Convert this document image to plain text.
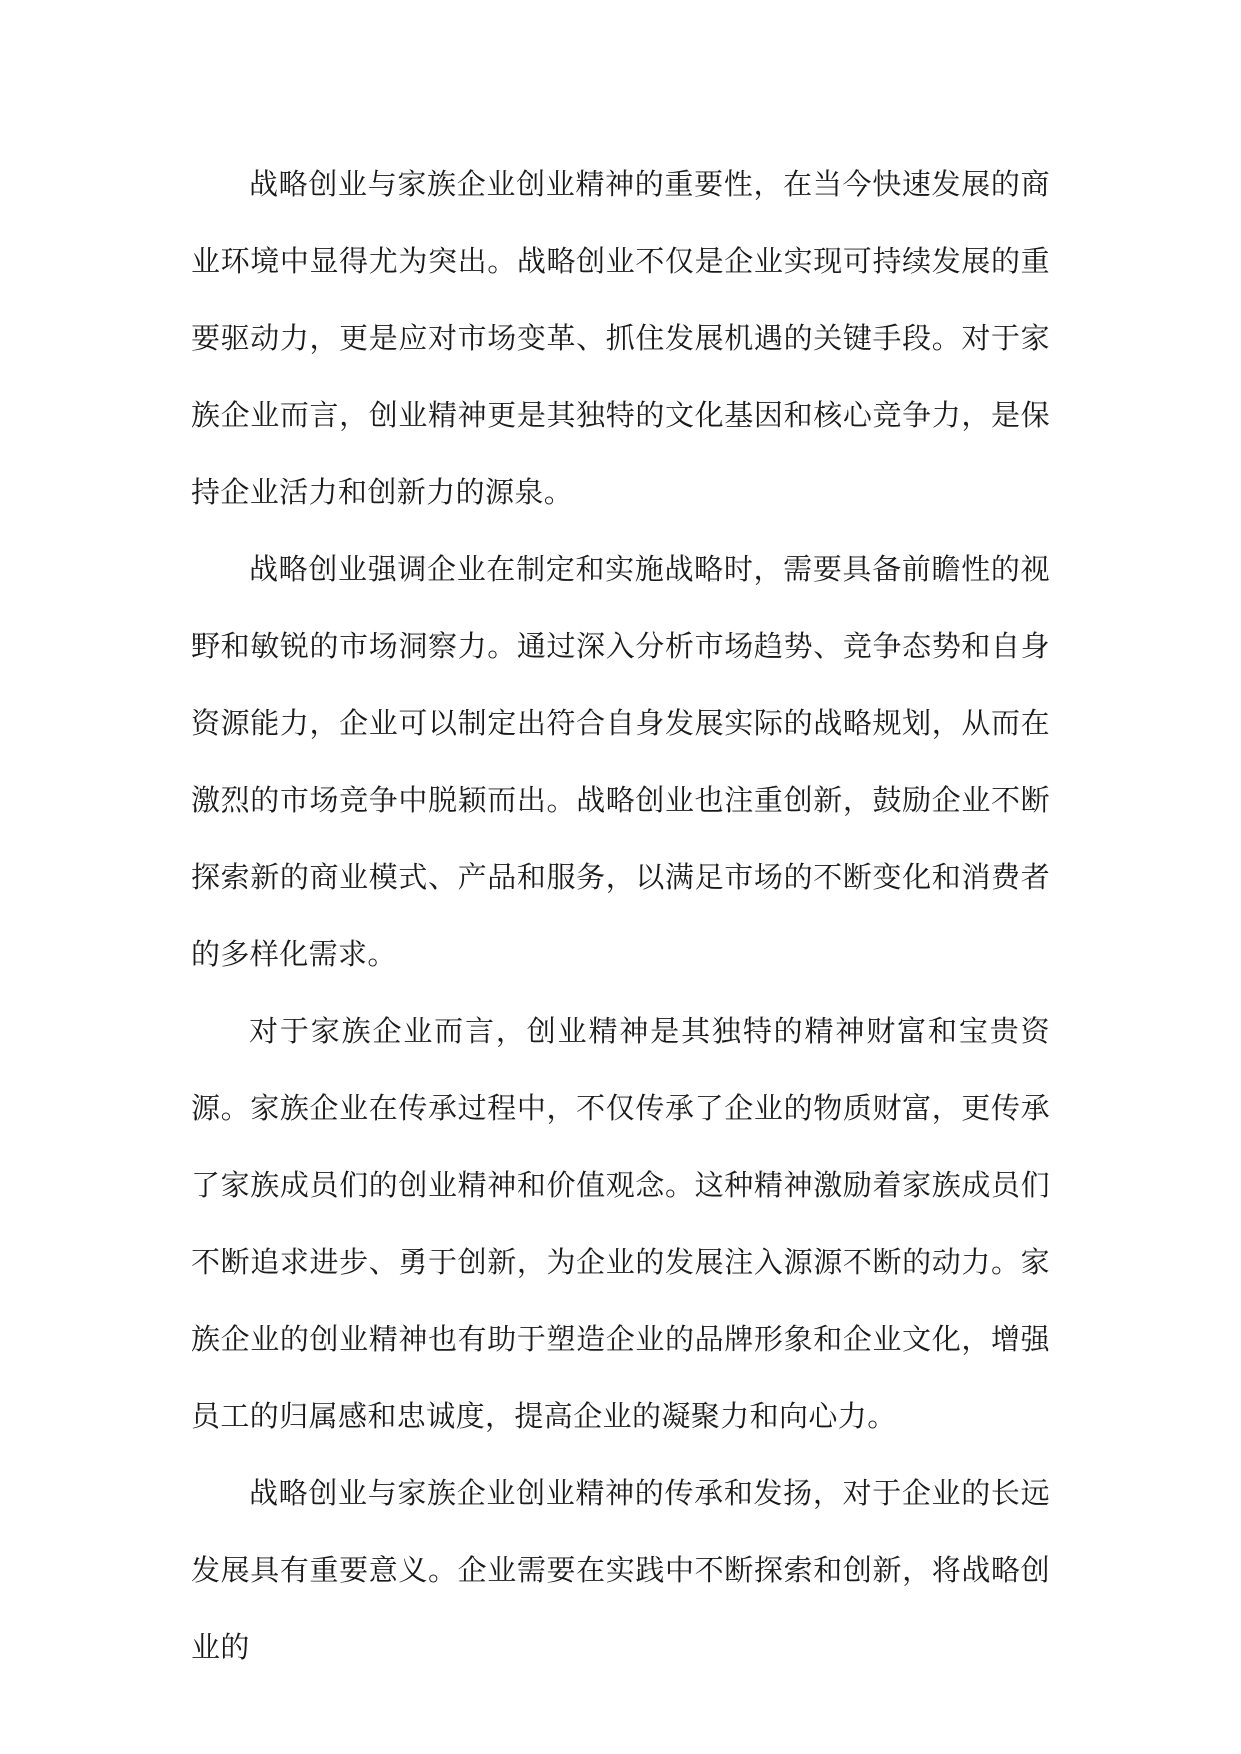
战略创业与家族企业创业精神的重要性，在当今快速发展的商业环境中显得尤为突出。战略创业不仅是企业实现可持续发展的重要驱动力，更是应对市场变革、抓住发展机遇的关键手段。对于家族企业而言，创业精神更是其独特的文化基因和核心竞争力，是保持企业活力和创新力的源泉。

战略创业强调企业在制定和实施战略时，需要具备前瞻性的视野和敏锐的市场洞察力。通过深入分析市场趋势、竞争态势和自身资源能力，企业可以制定出符合自身发展实际的战略规划，从而在激烈的市场竞争中脱颖而出。战略创业也注重创新，鼓励企业不断探索新的商业模式、产品和服务，以满足市场的不断变化和消费者的多样化需求。

对于家族企业而言，创业精神是其独特的精神财富和宝贵资源。家族企业在传承过程中，不仅传承了企业的物质财富，更传承了家族成员们的创业精神和价值观念。这种精神激励着家族成员们不断追求进步、勇于创新，为企业的发展注入源源不断的动力。家族企业的创业精神也有助于塑造企业的品牌形象和企业文化，增强员工的归属感和忠诚度，提高企业的凝聚力和向心力。

战略创业与家族企业创业精神的传承和发扬，对于企业的长远发展具有重要意义。企业需要在实践中不断探索和创新，将战略创业的
